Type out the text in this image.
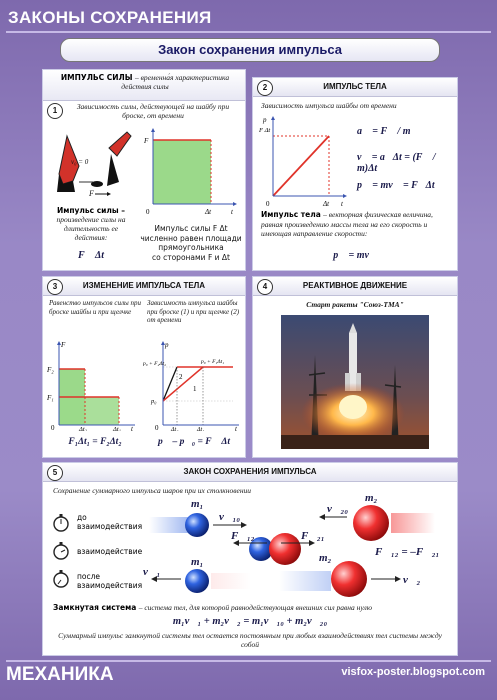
ЗАКОНЫ СОХРАНЕНИЯ
Закон сохранения импульса
ИМПУЛЬС СИЛЫ – временна́я характеристика действия силы
1	Зависимость силы, действующей на шайбу при броске, от времени
v₀ = 0
F
F
0	Δt	t
Импульс силы – произведение силы на длительность ее действия:
F⃗ Δt
Импульс силы F Δt
численно равен площади
прямоугольника
со сторонами F и Δt
ИМПУЛЬС ТЕЛА
2
Зависимость импульса шайбы от времени
p
F Δt
0	Δt t
a⃗ = F⃗ / m
v⃗ = a⃗Δt = (F⃗ / m)Δt
p⃗ = mv⃗ = F⃗Δt
Импульс тела – векторная физическая величина, равная произведению массы тела на его скорость и имеющая направление скорости:
p⃗ = mv⃗
ИЗМЕНЕНИЕ ИМПУЛЬСА ТЕЛА
3
Равенство импульсов силы при броске шайбы и при щелчке
Зависимость импульса шайбы при броске (1) и при щелчке (2) от времени
F
F₂
F₁
0	Δt₂	Δt₁ t
p
p₀ + F₂Δt₂	p₀ + F₁Δt₁
p₀
2
1
0 Δt₂	Δt₁	t
F₁Δt₁ = F₂Δt₂	p⃗ – p⃗₀ = F⃗ Δt
РЕАКТИВНОЕ ДВИЖЕНИЕ
4
Старт ракеты "Союз-ТМА"
ЗАКОН СОХРАНЕНИЯ ИМПУЛЬСА
5
Сохранение суммарного импульса шаров при их столкновении
до взаимодействия
взаимодействие
после взаимодействия
m₁
v⃗₁₀
m₂
v⃗₂₀
F⃗₁₂	F⃗₂₁
F⃗₁₂ = –F⃗₂₁
m₁
v⃗₁
m₂
v⃗₂
Замкнутая система – система тел, для которой равнодействующая внешних сил равна нулю
m₁v⃗₁ + m₂v⃗₂ = m₁v⃗₁₀ + m₂v⃗₂₀
Суммарный импульс замкнутой системы тел остается постоянным при любых взаимодействиях тел системы между собой
МЕХАНИКА	visfox-poster.blogspot.com
